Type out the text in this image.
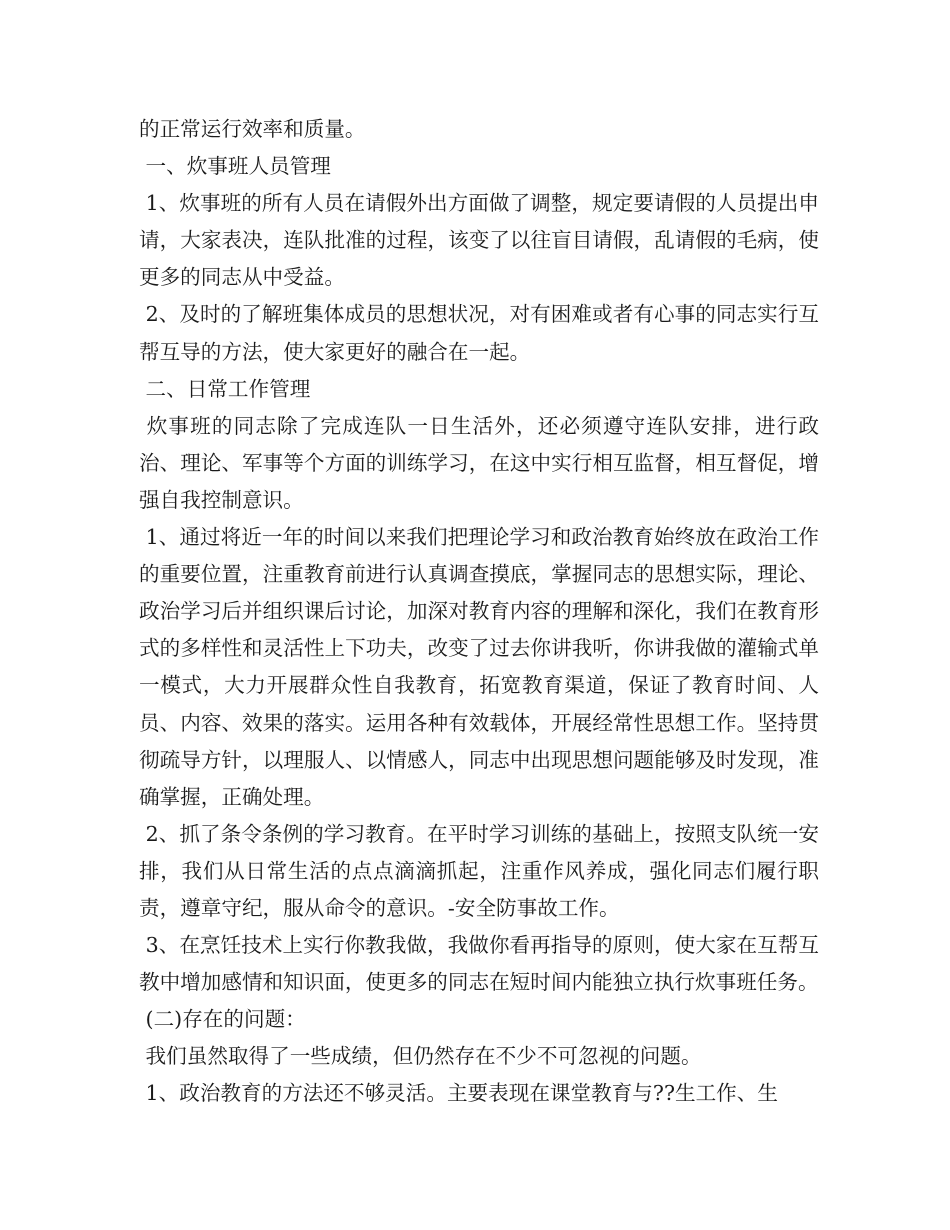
的正常运行效率和质量。

一、炊事班人员管理

1、炊事班的所有人员在请假外出方面做了调整，规定要请假的人员提出申请，大家表决，连队批准的过程，该变了以往盲目请假，乱请假的毛病，使更多的同志从中受益。

2、及时的了解班集体成员的思想状况，对有困难或者有心事的同志实行互帮互导的方法，使大家更好的融合在一起。

二、日常工作管理

炊事班的同志除了完成连队一日生活外，还必须遵守连队安排，进行政治、理论、军事等个方面的训练学习，在这中实行相互监督，相互督促，增强自我控制意识。

1、通过将近一年的时间以来我们把理论学习和政治教育始终放在政治工作的重要位置，注重教育前进行认真调查摸底，掌握同志的思想实际，理论、政治学习后并组织课后讨论，加深对教育内容的理解和深化，我们在教育形式的多样性和灵活性上下功夫，改变了过去你讲我听，你讲我做的灌输式单一模式，大力开展群众性自我教育，拓宽教育渠道，保证了教育时间、人员、内容、效果的落实。运用各种有效载体，开展经常性思想工作。坚持贯彻疏导方针，以理服人、以情感人，同志中出现思想问题能够及时发现，准确掌握，正确处理。

2、抓了条令条例的学习教育。在平时学习训练的基础上，按照支队统一安排，我们从日常生活的点点滴滴抓起，注重作风养成，强化同志们履行职责，遵章守纪，服从命令的意识。-安全防事故工作。

3、在烹饪技术上实行你教我做，我做你看再指导的原则，使大家在互帮互教中增加感情和知识面，使更多的同志在短时间内能独立执行炊事班任务。

(二)存在的问题：

我们虽然取得了一些成绩，但仍然存在不少不可忽视的问题。

1、政治教育的方法还不够灵活。主要表现在课堂教育与??生工作、生
